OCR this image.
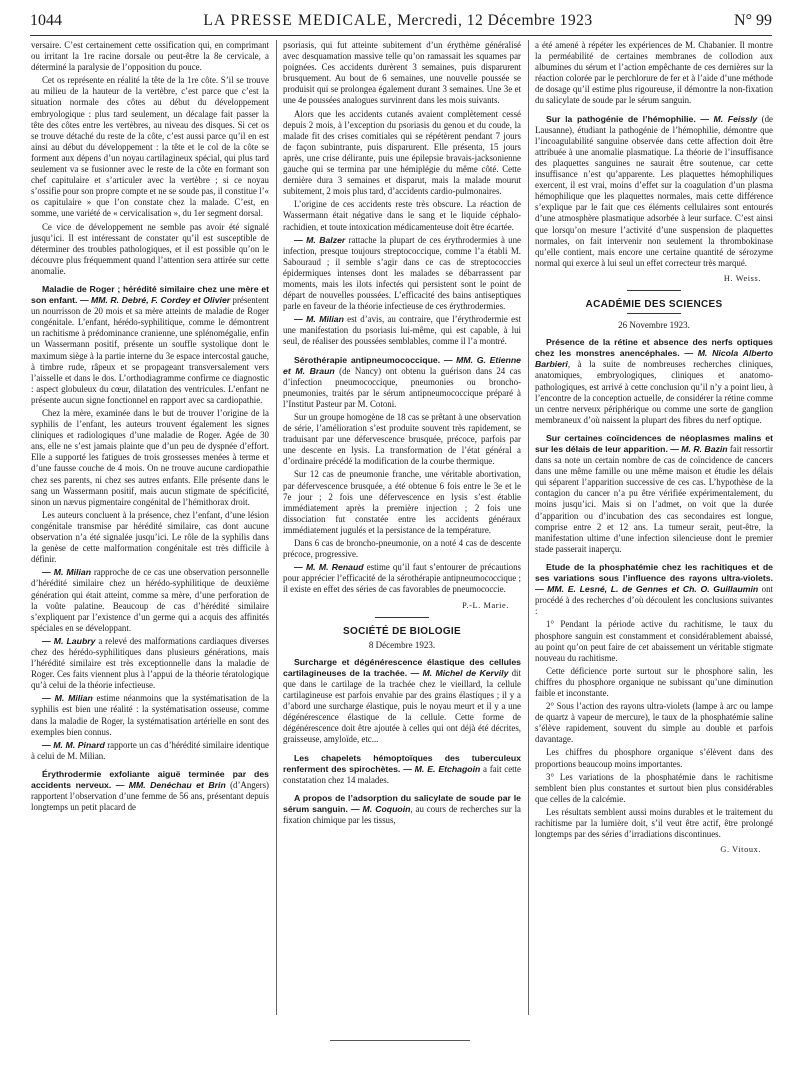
1044	LA PRESSE MEDICALE, Mercredi, 12 Décembre 1923	N° 99

versaire. C’est certainement cette ossification qui, en comprimant ou irritant la 1re racine dorsale ou peut-être la 8e cervicale, a déterminé la paralysie de l’opposition du pouce.

Cet os représente en réalité la tête de la 1re côte. S’il se trouve au milieu de la hauteur de la vertèbre, c’est parce que c’est la situation normale des côtes au début du développement embryologique : plus tard seulement, un décalage fait passer la tête des côtes entre les vertèbres, au niveau des disques. Si cet os se trouve détaché du reste de la côte, c’est aussi parce qu’il en est ainsi au début du développement : la tête et le col de la côte se forment aux dépens d’un noyau cartilagineux spécial, qui plus tard seulement va se fusionner avec le reste de la côte en formant son chef capitulaire et s’articuler avec la vertèbre ; si ce noyau s’ossifie pour son propre compte et ne se soude pas, il constitue l’« os capitulaire » que l’on constate chez la malade. C’est, en somme, une variété de « cervicalisation », du 1er segment dorsal.

Ce vice de développement ne semble pas avoir été signalé jusqu’ici. Il est intéressant de constater qu’il est susceptible de déterminer des troubles pathologiques, et il est possible qu’on le découvre plus fréquemment quand l’attention sera attirée sur cette anomalie.

Maladie de Roger ; hérédité similaire chez une mère et son enfant. — MM. R. Debré, F. Cordey et Olivier présentent un nourrisson de 20 mois et sa mère atteints de maladie de Roger congénitale. L’enfant, hérédo-syphilitique, comme le démontrent un rachitisme à prédominance cranienne, une splénomégalie, enfin un Wassermann positif, présente un souffle systolique dont le maximum siège à la partie interne du 3e espace intercostal gauche, à timbre rude, râpeux et se propageant transversalement vers l’aisselle et dans le dos. L’orthodiagramme confirme ce diagnostic : aspect globuleux du cœur, dilatation des ventricules. L’enfant ne présente aucun signe fonctionnel en rapport avec sa cardiopathie.

Chez la mère, examinée dans le but de trouver l’origine de la syphilis de l’enfant, les auteurs trouvent également les signes cliniques et radiologiques d’une maladie de Roger. Agée de 30 ans, elle ne s’est jamais plainte que d’un peu de dyspnée d’effort. Elle a supporté les fatigues de trois grossesses menées à terme et d’une fausse couche de 4 mois. On ne trouve aucune cardiopathie chez ses parents, ni chez ses autres enfants. Elle présente dans le sang un Wassermann positif, mais aucun stigmate de spécificité, sinon un nævus pigmentaire congénital de l’hémithorax droit.

Les auteurs concluent à la présence, chez l’enfant, d’une lésion congénitale transmise par hérédité similaire, cas dont aucune observation n’a été signalée jusqu’ici. Le rôle de la syphilis dans la genèse de cette malformation congénitale est très difficile à définir.

— M. Milian rapproche de ce cas une observation personnelle d’hérédité similaire chez un hérédo-syphilitique de deuxième génération qui était atteint, comme sa mère, d’une perforation de la voûte palatine. Beaucoup de cas d’hérédité similaire s’expliquent par l’existence d’un germe qui a acquis des affinités spéciales en se développant.

— M. Laubry a relevé des malformations cardiaques diverses chez des hérédo-syphilitiques dans plusieurs générations, mais l’hérédité similaire est très exceptionnelle dans la maladie de Roger. Ces faits viennent plus à l’appui de la théorie tératologique qu’à celui de la théorie infectieuse.

— M. Milian estime néanmoins que la systématisation de la syphilis est bien une réalité : la systématisation osseuse, comme dans la maladie de Roger, la systématisation artérielle en sont des exemples bien connus.

— M. M. Pinard rapporte un cas d’hérédité similaire identique à celui de M. Milian.

Érythrodermie exfoliante aiguë terminée par des accidents nerveux. — MM. Denéchau et Brin (d’Angers) rapportent l’observation d’une femme de 56 ans, présentant depuis longtemps un petit placard de

psoriasis, qui fut atteinte subitement d’un érythème généralisé avec desquamation massive telle qu’on ramassait les squames par poignées. Ces accidents durèrent 3 semaines, puis disparurent brusquement. Au bout de 6 semaines, une nouvelle poussée se produisit qui se prolongea également durant 3 semaines. Une 3e et une 4e poussées analogues survinrent dans les mois suivants.

Alors que les accidents cutanés avaient complètement cessé depuis 2 mois, à l’exception du psoriasis du genou et du coude, la malade fit des crises comitiales qui se répétèrent pendant 7 jours de façon subintrante, puis disparurent. Elle présenta, 15 jours après, une crise délirante, puis une épilepsie bravais-jacksonienne gauche qui se termina par une hémiplégie du même côté. Cette dernière dura 3 semaines et disparut, mais la malade mourut subitement, 2 mois plus tard, d’accidents cardio-pulmonaires.

L’origine de ces accidents reste très obscure. La réaction de Wassermann était négative dans le sang et le liquide céphalo-rachidien, et toute intoxication médicamenteuse doit être écartée.

— M. Balzer rattache la plupart de ces érythrodermies à une infection, presque toujours streptococcique, comme l’a établi M. Sabouraud ; il semble s’agir dans ce cas de streptococcies épidermiques intenses dont les malades se débarrassent par moments, mais les ilots infectés qui persistent sont le point de départ de nouvelles poussées. L’efficacité des bains antiseptiques parle en faveur de la théorie infectieuse de ces érythrodermies.

— M. Milian est d’avis, au contraire, que l’érythrodermie est une manifestation du psoriasis lui-même, qui est capable, à lui seul, de réaliser des poussées semblables, comme il l’a montré.

Sérothérapie antipneumococcique. — MM. G. Etienne et M. Braun (de Nancy) ont obtenu la guérison dans 24 cas d’infection pneumococcique, pneumonies ou broncho-pneumonies, traités par le sérum antipneumococcique préparé à l’Institut Pasteur par M. Cotoni.

Sur un groupe homogène de 18 cas se prêtant à une observation de série, l’amélioration s’est produite souvent très rapidement, se traduisant par une défervescence brusquée, précoce, parfois par une descente en lysis. La transformation de l’état général a d’ordinaire précédé la modification de la courbe thermique.

Sur 12 cas de pneumonie franche, une véritable abortivation, par défervescence brusquée, a été obtenue 6 fois entre le 3e et le 7e jour ; 2 fois une défervescence en lysis s’est établie immédiatement après la première injection ; 2 fois une dissociation fut constatée entre les accidents généraux immédiatement jugulés et la persistance de la température.

Dans 6 cas de broncho-pneumonie, on a noté 4 cas de descente précoce, progressive.

— M. M. Renaud estime qu’il faut s’entourer de précautions pour apprécier l’efficacité de la sérothérapie antipneumococcique ; il existe en effet des séries de cas favorables de pneumococcie.

P.-L. Marie.
SOCIÉTÉ DE BIOLOGIE
8 Décembre 1923.

Surcharge et dégénérescence élastique des cellules cartilagineuses de la trachée. — M. Michel de Kervily dit que dans le cartilage de la trachée chez le vieillard, la cellule cartilagineuse est parfois envahie par des grains élastiques ; il y a d’abord une surcharge élastique, puis le noyau meurt et il y a une dégénérescence élastique de la cellule. Cette forme de dégénérescence doit être ajoutée à celles qui ont déjà été décrites, graisseuse, amyloïde, etc...

Les chapelets hémoptoïques des tuberculeux renferment des spirochètes. — M. E. Etchagoin a fait cette constatation chez 14 malades.

A propos de l’adsorption du salicylate de soude par le sérum sanguin. — M. Coquoin, au cours de recherches sur la fixation chimique par les tissus,

a été amené à répéter les expériences de M. Chabanier. Il montre la perméabilité de certaines membranes de collodion aux albumines du sérum et l’action empêchante de ces dernières sur la réaction colorée par le perchlorure de fer et à l’aide d’une méthode de dosage qu’il estime plus rigoureuse, il démontre la non-fixation du salicylate de soude par le sérum sanguin.

Sur la pathogénie de l’hémophilie. — M. Feissly (de Lausanne), étudiant la pathogénie de l’hémophilie, démontre que l’incoagulabilité sanguine observée dans cette affection doit être attribuée à une anomalie plasmatique. La théorie de l’insuffisance des plaquettes sanguines ne saurait être soutenue, car cette insuffisance n’est qu’apparente. Les plaquettes hémophiliques exercent, il est vrai, moins d’effet sur la coagulation d’un plasma hémophilique que les plaquettes normales, mais cette différence s’explique par le fait que ces éléments cellulaires sont entourés d’une atmosphère plasmatique adsorbée à leur surface. C’est ainsi que lorsqu’on mesure l’activité d’une suspension de plaquettes normales, on fait intervenir non seulement la thrombokinase qu’elle contient, mais encore une certaine quantité de sérozyme normal qui exerce à lui seul un effet correcteur très marqué.

H. Weiss.
ACADÉMIE DES SCIENCES
26 Novembre 1923.

Présence de la rétine et absence des nerfs optiques chez les monstres anencéphales. — M. Nicola Alberto Barbieri, à la suite de nombreuses recherches cliniques, anatomiques, embryologiques, cliniques et anatomo-pathologiques, est arrivé à cette conclusion qu’il n’y a point lieu, à l’encontre de la conception actuelle, de considérer la rétine comme un centre nerveux périphérique ou comme une sorte de ganglion membraneux d’où naissent la plupart des fibres du nerf optique.

Sur certaines coïncidences de néoplasmes malins et sur les délais de leur apparition. — M. R. Bazin fait ressortir dans sa note un certain nombre de cas de coïncidence de cancers dans une même famille ou une même maison et étudie les délais qui séparent l’apparition successive de ces cas. L’hypothèse de la contagion du cancer n’a pu être vérifiée expérimentalement, du moins jusqu’ici. Mais si on l’admet, on voit que la durée d’apparition ou d’incubation des cas secondaires est longue, comprise entre 2 et 12 ans. La tumeur serait, peut-être, la manifestation ultime d’une infection silencieuse dont le premier stade passerait inaperçu.

Etude de la phosphatémie chez les rachitiques et de ses variations sous l’influence des rayons ultra-violets. — MM. E. Lesné, L. de Gennes et Ch. O. Guillaumin ont procédé à des recherches d’où découlent les conclusions suivantes :

1° Pendant la période active du rachitisme, le taux du phosphore sanguin est constamment et considérablement abaissé, au point qu’on peut faire de cet abaissement un véritable stigmate nouveau du rachitisme.

Cette déficience porte surtout sur le phosphore salin, les chiffres du phosphore organique ne subissant qu’une diminution faible et inconstante.

2° Sous l’action des rayons ultra-violets (lampe à arc ou lampe de quartz à vapeur de mercure), le taux de la phosphatémie saline s’élève rapidement, souvent du simple au double et parfois davantage.

Les chiffres du phosphore organique s’élèvent dans des proportions beaucoup moins importantes.

3° Les variations de la phosphatémie dans le rachitisme semblent bien plus constantes et surtout bien plus considérables que celles de la calcémie.

Les résultats semblent aussi moins durables et le traitement du rachitisme par la lumière doit, s’il veut être actif, être prolongé longtemps par des séries d’irradiations discontinues.

G. Vitoux.
